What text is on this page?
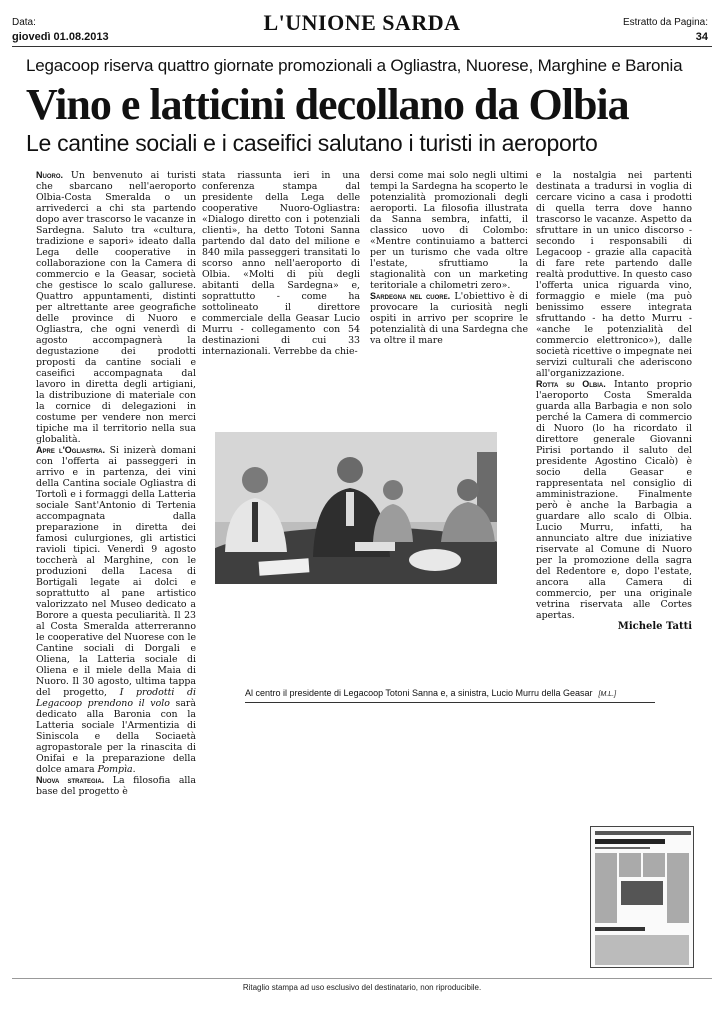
Data:
giovedì 01.08.2013
L'UNIONE SARDA	Estratto da Pagina:
34
Legacoop riserva quattro giornate promozionali a Ogliastra, Nuorese, Marghine e Baronia
Vino e latticini decollano da Olbia
Le cantine sociali e i caseifici salutano i turisti in aeroporto

Nuoro. Un benvenuto ai turisti che sbarcano nell'aeroporto Olbia-Costa Smeralda o un arrivederci a chi sta partendo dopo aver trascorso le vacanze in Sardegna. Saluto tra «cultura, tradizione e sapori» ideato dalla Lega delle cooperative in collaborazione con la Camera di commercio e la Geasar, società che gestisce lo scalo gallurese. Quattro appuntamenti, distinti per altrettante aree geografiche delle province di Nuoro e Ogliastra, che ogni venerdì di agosto accompagnerà la degustazione dei prodotti proposti da cantine sociali e caseifici accompagnata dal lavoro in diretta degli artigiani, la distribuzione di materiale con la cornice di delegazioni in costume per vendere non merci tipiche ma il territorio nella sua globalità.

Apre l'Ogliastra. Si inizerà domani con l'offerta ai passeggeri in arrivo e in partenza, dei vini della Cantina sociale Ogliastra di Tortolì e i formaggi della Latteria sociale Sant'Antonio di Tertenia accompagnata dalla preparazione in diretta dei famosi culurgiones, gli artistici ravioli tipici. Venerdì 9 agosto toccherà al Marghine, con le produzioni della Lacesa di Bortigali legate ai dolci e soprattutto al pane artistico valorizzato nel Museo dedicato a Borore a questa peculiarità. Il 23 al Costa Smeralda atterreranno le cooperative del Nuorese con le Cantine sociali di Dorgali e Oliena, la Latteria sociale di Oliena e il miele della Maia di Nuoro. Il 30 agosto, ultima tappa del progetto, I prodotti di Legacoop prendono il volo sarà dedicato alla Baronia con la Latteria sociale l'Armentizia di Siniscola e della Sociaetà agropastorale per la rinascita di Onifai e la preparazione della dolce amara Pompìa.

Nuova strategia. La filosofia alla base del progetto è

stata riassunta ieri in una conferenza stampa dal presidente della Lega delle cooperative Nuoro-Ogliastra: «Dialogo diretto con i potenziali clienti», ha detto Totoni Sanna partendo dal dato del milione e 840 mila passeggeri transitati lo scorso anno nell'aeroporto di Olbia. «Molti di più degli abitanti della Sardegna» e, soprattutto - come ha sottolineato il direttore commerciale della Geasar Lucio Murru - collegamento con 54 destinazioni di cui 33 internazionali. Verrebbe da chie-

dersi come mai solo negli ultimi tempi la Sardegna ha scoperto le potenzialità promozionali degli aeroporti. La filosofia illustrata da Sanna sembra, infatti, il classico uovo di Colombo: «Mentre continuiamo a batterci per un turismo che vada oltre l'estate, sfruttiamo la stagionalità con un marketing teritoriale a chilometri zero».

Sardegna nel cuore. L'obiettivo è di provocare la curiosità negli ospiti in arrivo per scoprire le potenzialità di una Sardegna che va oltre il mare

e la nostalgia nei partenti destinata a tradursi in voglia di cercare vicino a casa i prodotti di quella terra dove hanno trascorso le vacanze. Aspetto da sfruttare in un unico discorso - secondo i responsabili di Legacoop - grazie alla capacità di fare rete partendo dalle realtà produttive. In questo caso l'offerta unica riguarda vino, formaggio e miele (ma può benissimo essere integrata sfruttando - ha detto Murru - «anche le potenzialità del commercio elettronico»), dalle società ricettive o impegnate nei servizi culturali che aderiscono all'organizzazione.

Rotta su Olbia. Intanto proprio l'aeroporto Costa Smeralda guarda alla Barbagia e non solo perché la Camera di commercio di Nuoro (lo ha ricordato il direttore generale Giovanni Pirisi portando il saluto del presidente Agostino Cicalò) è socio della Geasar e rappresentata nel consiglio di amministrazione. Finalmente però è anche la Barbagia a guardare allo scalo di Olbia. Lucio Murru, infatti, ha annunciato altre due iniziative riservate al Comune di Nuoro per la promozione della sagra del Redentore e, dopo l'estate, ancora alla Camera di commercio, per una originale vetrina riservata alle Cortes apertas.

Michele Tatti

Al centro il presidente di Legacoop Totoni Sanna e, a sinistra, Lucio Murru della Geasar [M.L.]
Ritaglio stampa ad uso esclusivo del destinatario, non riproducibile.
